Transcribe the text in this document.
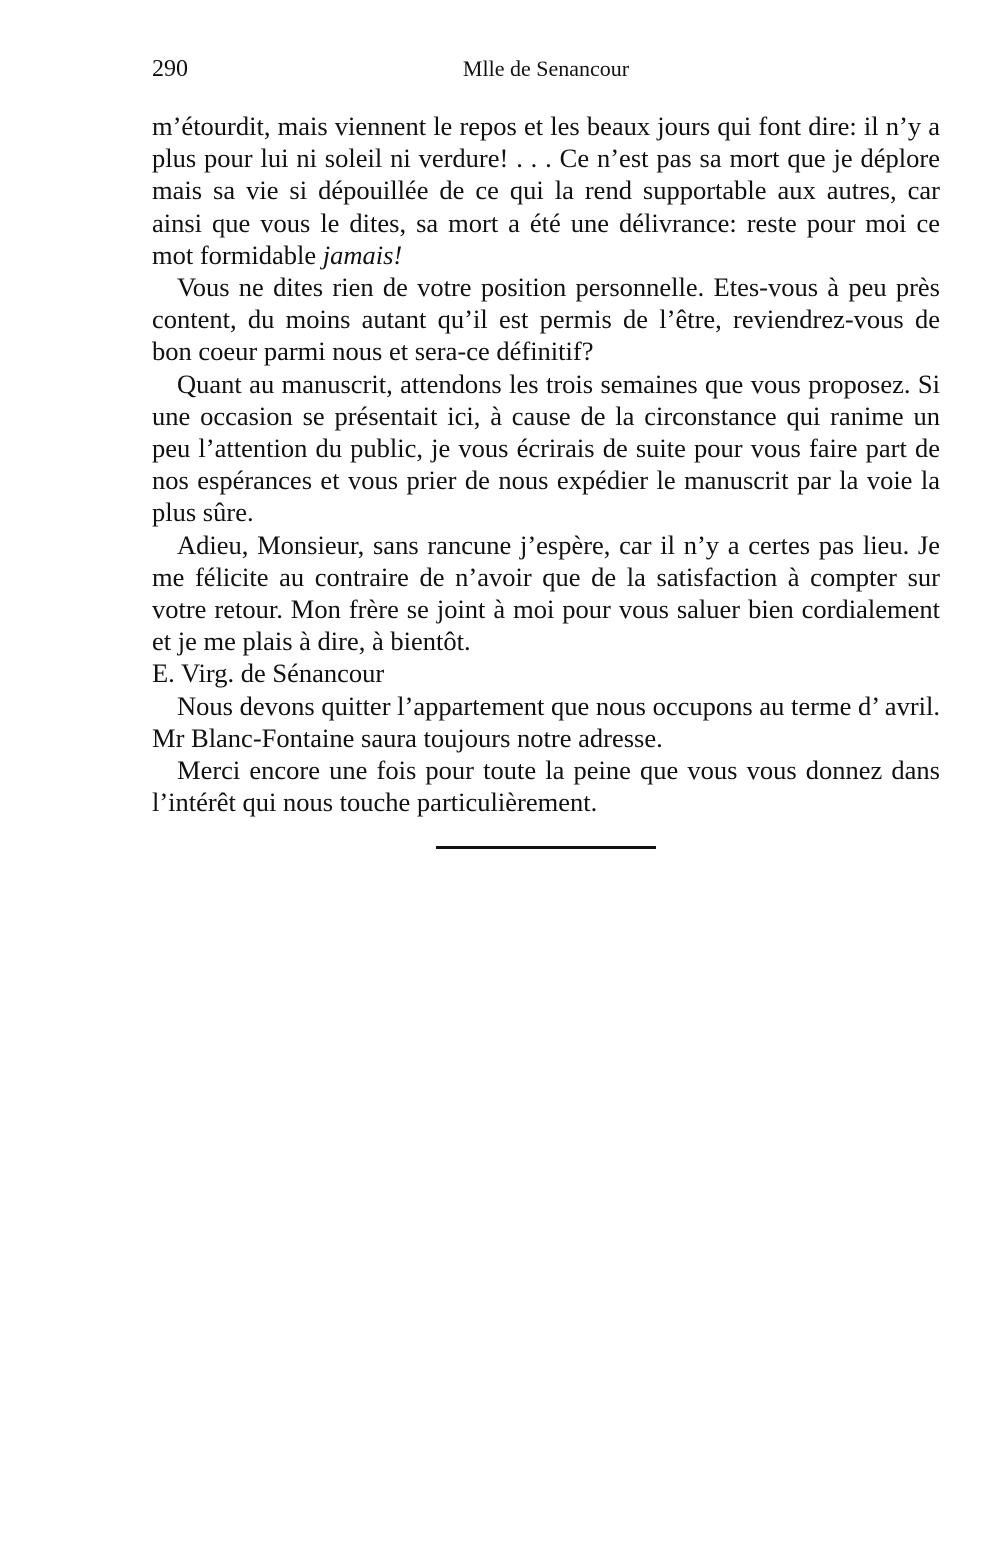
290	Mlle de Senancour

m’étourdit, mais viennent le repos et les beaux jours qui font dire: il n’y a plus pour lui ni soleil ni verdure! . . . Ce n’est pas sa mort que je déplore mais sa vie si dépouillée de ce qui la rend supportable aux autres, car ainsi que vous le dites, sa mort a été une délivrance: reste pour moi ce mot formidable jamais!

Vous ne dites rien de votre position personnelle. Etes-vous à peu près content, du moins autant qu’il est permis de l’être, reviendrez-vous de bon coeur parmi nous et sera-ce définitif?

Quant au manuscrit, attendons les trois semaines que vous proposez. Si une occasion se présentait ici, à cause de la circonstance qui ranime un peu l’attention du public, je vous écrirais de suite pour vous faire part de nos espérances et vous prier de nous expédier le manuscrit par la voie la plus sûre.

Adieu, Monsieur, sans rancune j’espère, car il n’y a certes pas lieu. Je me félicite au contraire de n’avoir que de la satisfaction à compter sur votre retour. Mon frère se joint à moi pour vous saluer bien cordialement et je me plais à dire, à bientôt.

E. Virg. de Sénancour

Nous devons quitter l’appartement que nous occupons au terme d’ avril. Mr Blanc-Fontaine saura toujours notre adresse.

Merci encore une fois pour toute la peine que vous vous donnez dans l’intérêt qui nous touche particulièrement.
